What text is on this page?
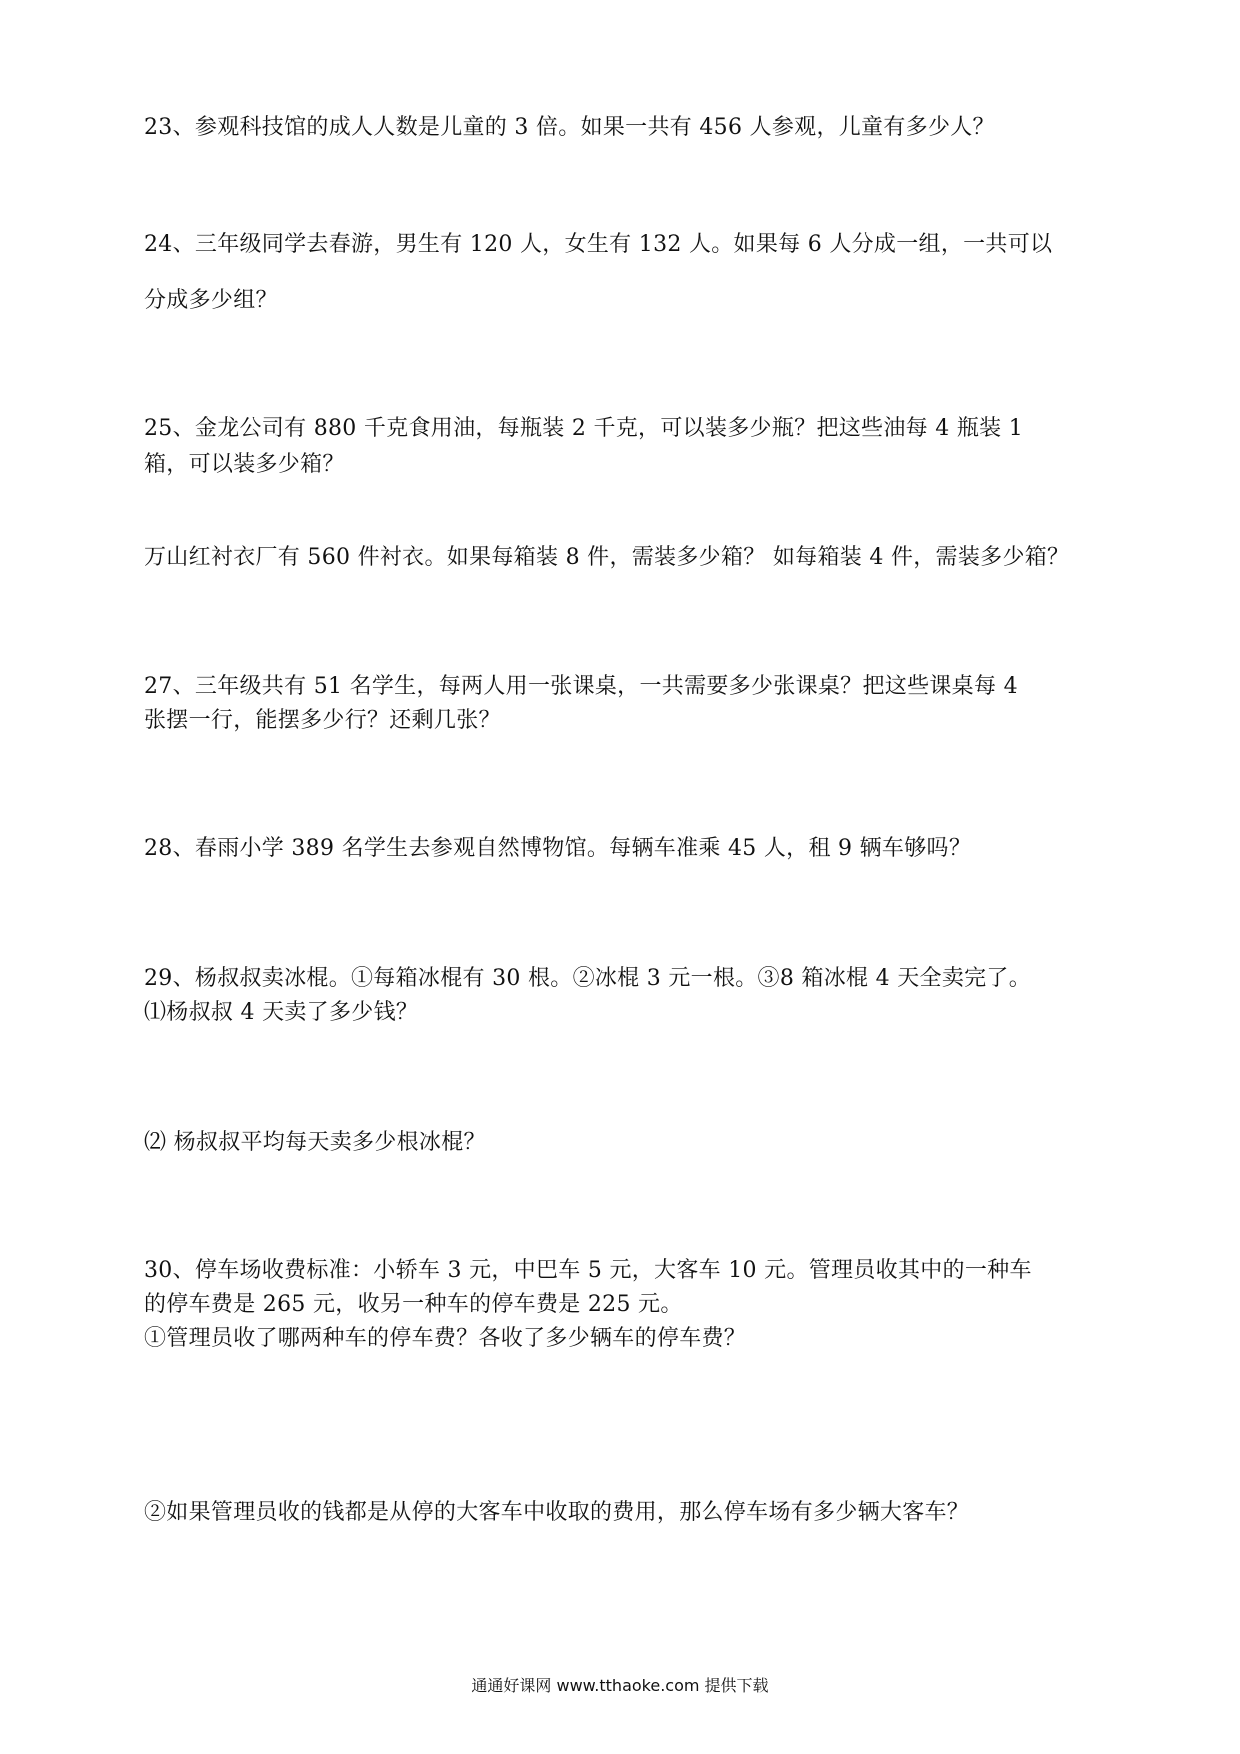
23、参观科技馆的成人人数是儿童的 3 倍。如果一共有 456 人参观，儿童有多少人？
24、三年级同学去春游，男生有 120 人，女生有 132 人。如果每 6 人分成一组，一共可以
分成多少组？
25、金龙公司有 880 千克食用油，每瓶装 2 千克，可以装多少瓶？把这些油每 4 瓶装 1
箱，可以装多少箱？
万山红衬衣厂有 560 件衬衣。如果每箱装 8 件，需装多少箱？ 如每箱装 4 件，需装多少箱？
27、三年级共有 51 名学生，每两人用一张课桌，一共需要多少张课桌？把这些课桌每 4
张摆一行，能摆多少行？还剩几张？
28、春雨小学 389 名学生去参观自然博物馆。每辆车准乘 45 人，租 9 辆车够吗？
29、杨叔叔卖冰棍。①每箱冰棍有 30 根。②冰棍 3 元一根。③8 箱冰棍 4 天全卖完了。
⑴杨叔叔 4 天卖了多少钱？
⑵ 杨叔叔平均每天卖多少根冰棍？
30、停车场收费标准：小轿车 3 元，中巴车 5 元，大客车 10 元。管理员收其中的一种车
的停车费是 265 元，收另一种车的停车费是 225 元。
①管理员收了哪两种车的停车费？各收了多少辆车的停车费？
②如果管理员收的钱都是从停的大客车中收取的费用，那么停车场有多少辆大客车？
通通好课网 www.tthaoke.com 提供下载
